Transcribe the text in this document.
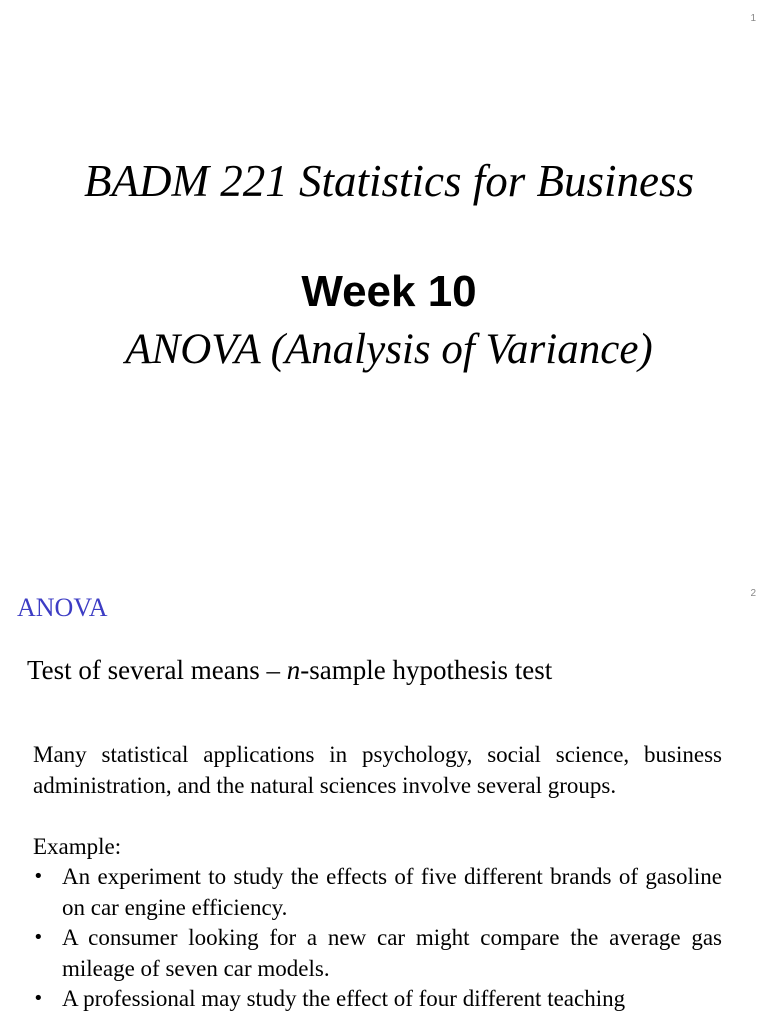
1
BADM 221 Statistics for Business
Week 10
ANOVA (Analysis of Variance)
2
ANOVA
Test of several means – n-sample hypothesis test

Many statistical applications in psychology, social science, business administration, and the natural sciences involve several groups.

Example:

• An experiment to study the effects of five different brands of gasoline on car engine efficiency.
• A consumer looking for a new car might compare the average gas mileage of seven car models.
• A professional may study the effect of four different teaching
